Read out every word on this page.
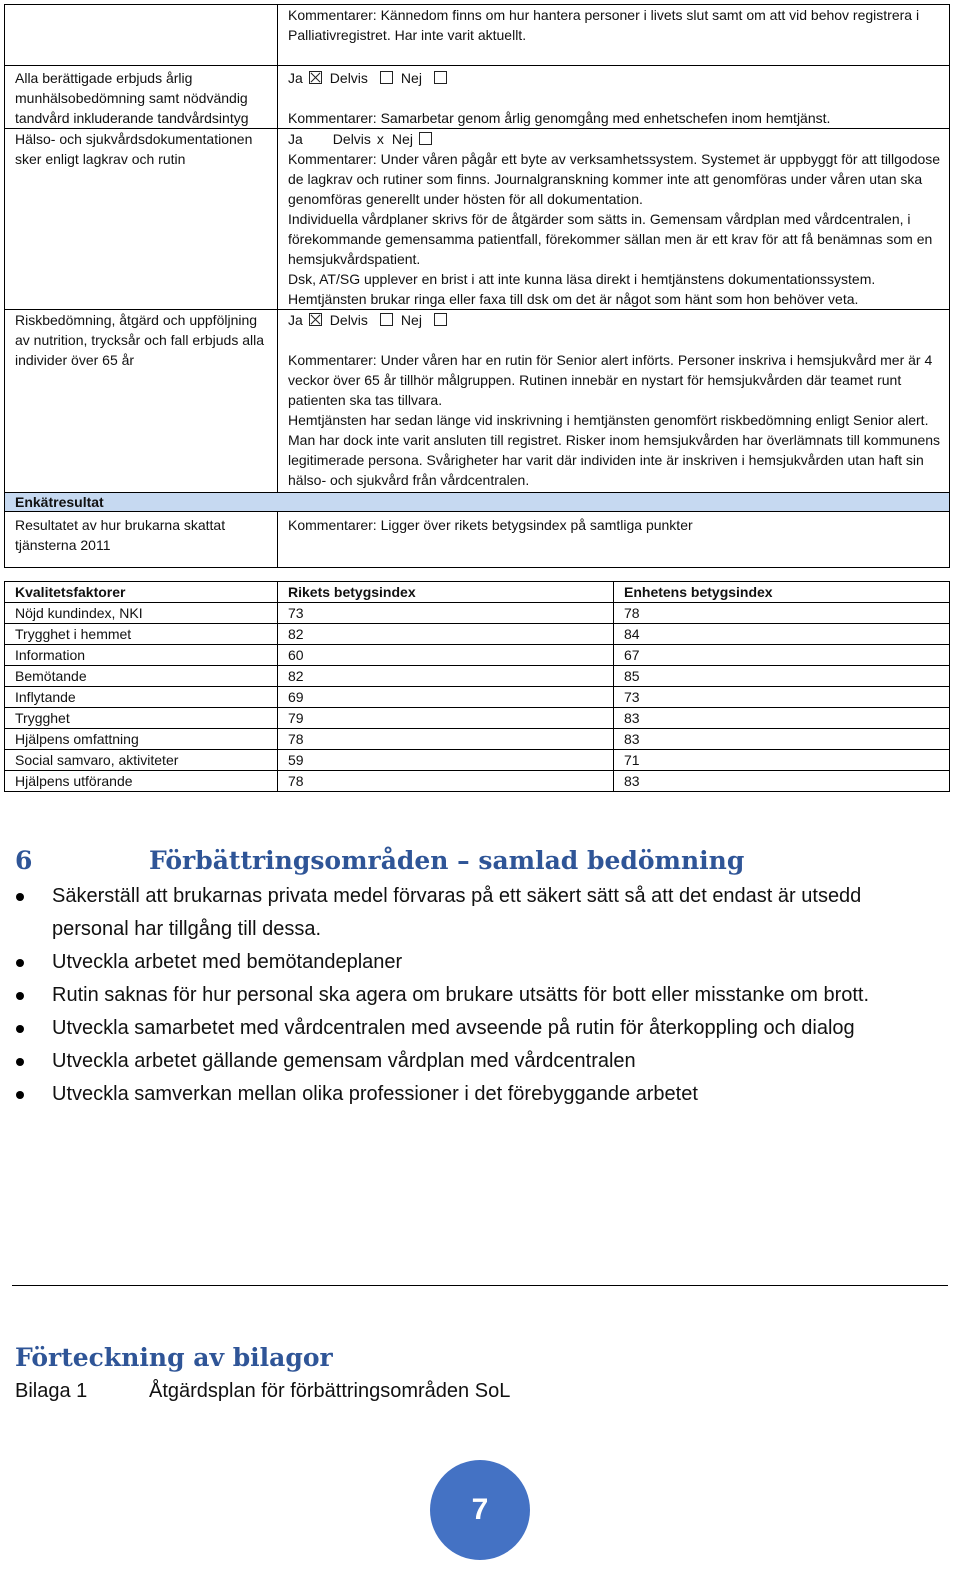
	Kommentarer: Kännedom finns om hur hantera personer i livets slut samt om att vid behov registrera i Palliativregistret. Har inte varit aktuellt.

Alla berättigade erbjuds årlig munhälsobedömning samt nödvändig tandvård inkluderande tandvårdsintyg	Ja Delvis Nej
Kommentarer: Samarbetar genom årlig genomgång med enhetschefen inom hemtjänst.

Hälso- och sjukvårdsdokumentationen sker enligt lagkrav och rutin	Ja Delvis x Nej
Kommentarer: Under våren pågår ett byte av verksamhetssystem. Systemet är uppbyggt för att tillgodose de lagkrav och rutiner som finns. Journalgranskning kommer inte att genomföras under våren utan ska genomföras generellt under hösten för all dokumentation.
Individuella vårdplaner skrivs för de åtgärder som sätts in. Gemensam vårdplan med vårdcentralen, i förekommande gemensamma patientfall, förekommer sällan men är ett krav för att få benämnas som en hemsjukvårdspatient.
Dsk, AT/SG upplever en brist i att inte kunna läsa direkt i hemtjänstens dokumentationssystem. Hemtjänsten brukar ringa eller faxa till dsk om det är något som hänt som hon behöver veta.

Riskbedömning, åtgärd och uppföljning av nutrition, trycksår och fall erbjuds alla individer över 65 år	Ja Delvis Nej
Kommentarer: Under våren har en rutin för Senior alert införts. Personer inskriva i hemsjukvård mer är 4 veckor över 65 år tillhör målgruppen. Rutinen innebär en nystart för hemsjukvården där teamet runt patienten ska tas tillvara.
Hemtjänsten har sedan länge vid inskrivning i hemtjänsten genomfört riskbedömning enligt Senior alert. Man har dock inte varit ansluten till registret. Risker inom hemsjukvården har överlämnats till kommunens legitimerade persona. Svårigheter har varit där individen inte är inskriven i hemsjukvården utan haft sin hälso- och sjukvård från vårdcentralen.

Enkätresultat	

Resultatet av hur brukarna skattat tjänsterna 2011	Kommentarer: Ligger över rikets betygsindex på samtliga punkter
Kvalitetsfaktorer	Rikets betygsindex	Enhetens betygsindex
Nöjd kundindex, NKI	73	78
Trygghet i hemmet	82	84
Information	60	67
Bemötande	82	85
Inflytande	69	73
Trygghet	79	83
Hjälpens omfattning	78	83
Social samvaro, aktiviteter	59	71
Hjälpens utförande	78	83
6	Förbättringsområden – samlad bedömning
Säkerställ att brukarnas privata medel förvaras på ett säkert sätt så att det endast är utsedd personal har tillgång till dessa.
Utveckla arbetet med bemötandeplaner
Rutin saknas för hur personal ska agera om brukare utsätts för bott eller misstanke om brott.
Utveckla samarbetet med vårdcentralen med avseende på rutin för återkoppling och dialog
Utveckla arbetet gällande gemensam vårdplan med vårdcentralen
Utveckla samverkan mellan olika professioner i det förebyggande arbetet
Förteckning av bilagor
Bilaga 1	Åtgärdsplan för förbättringsområden SoL
7
